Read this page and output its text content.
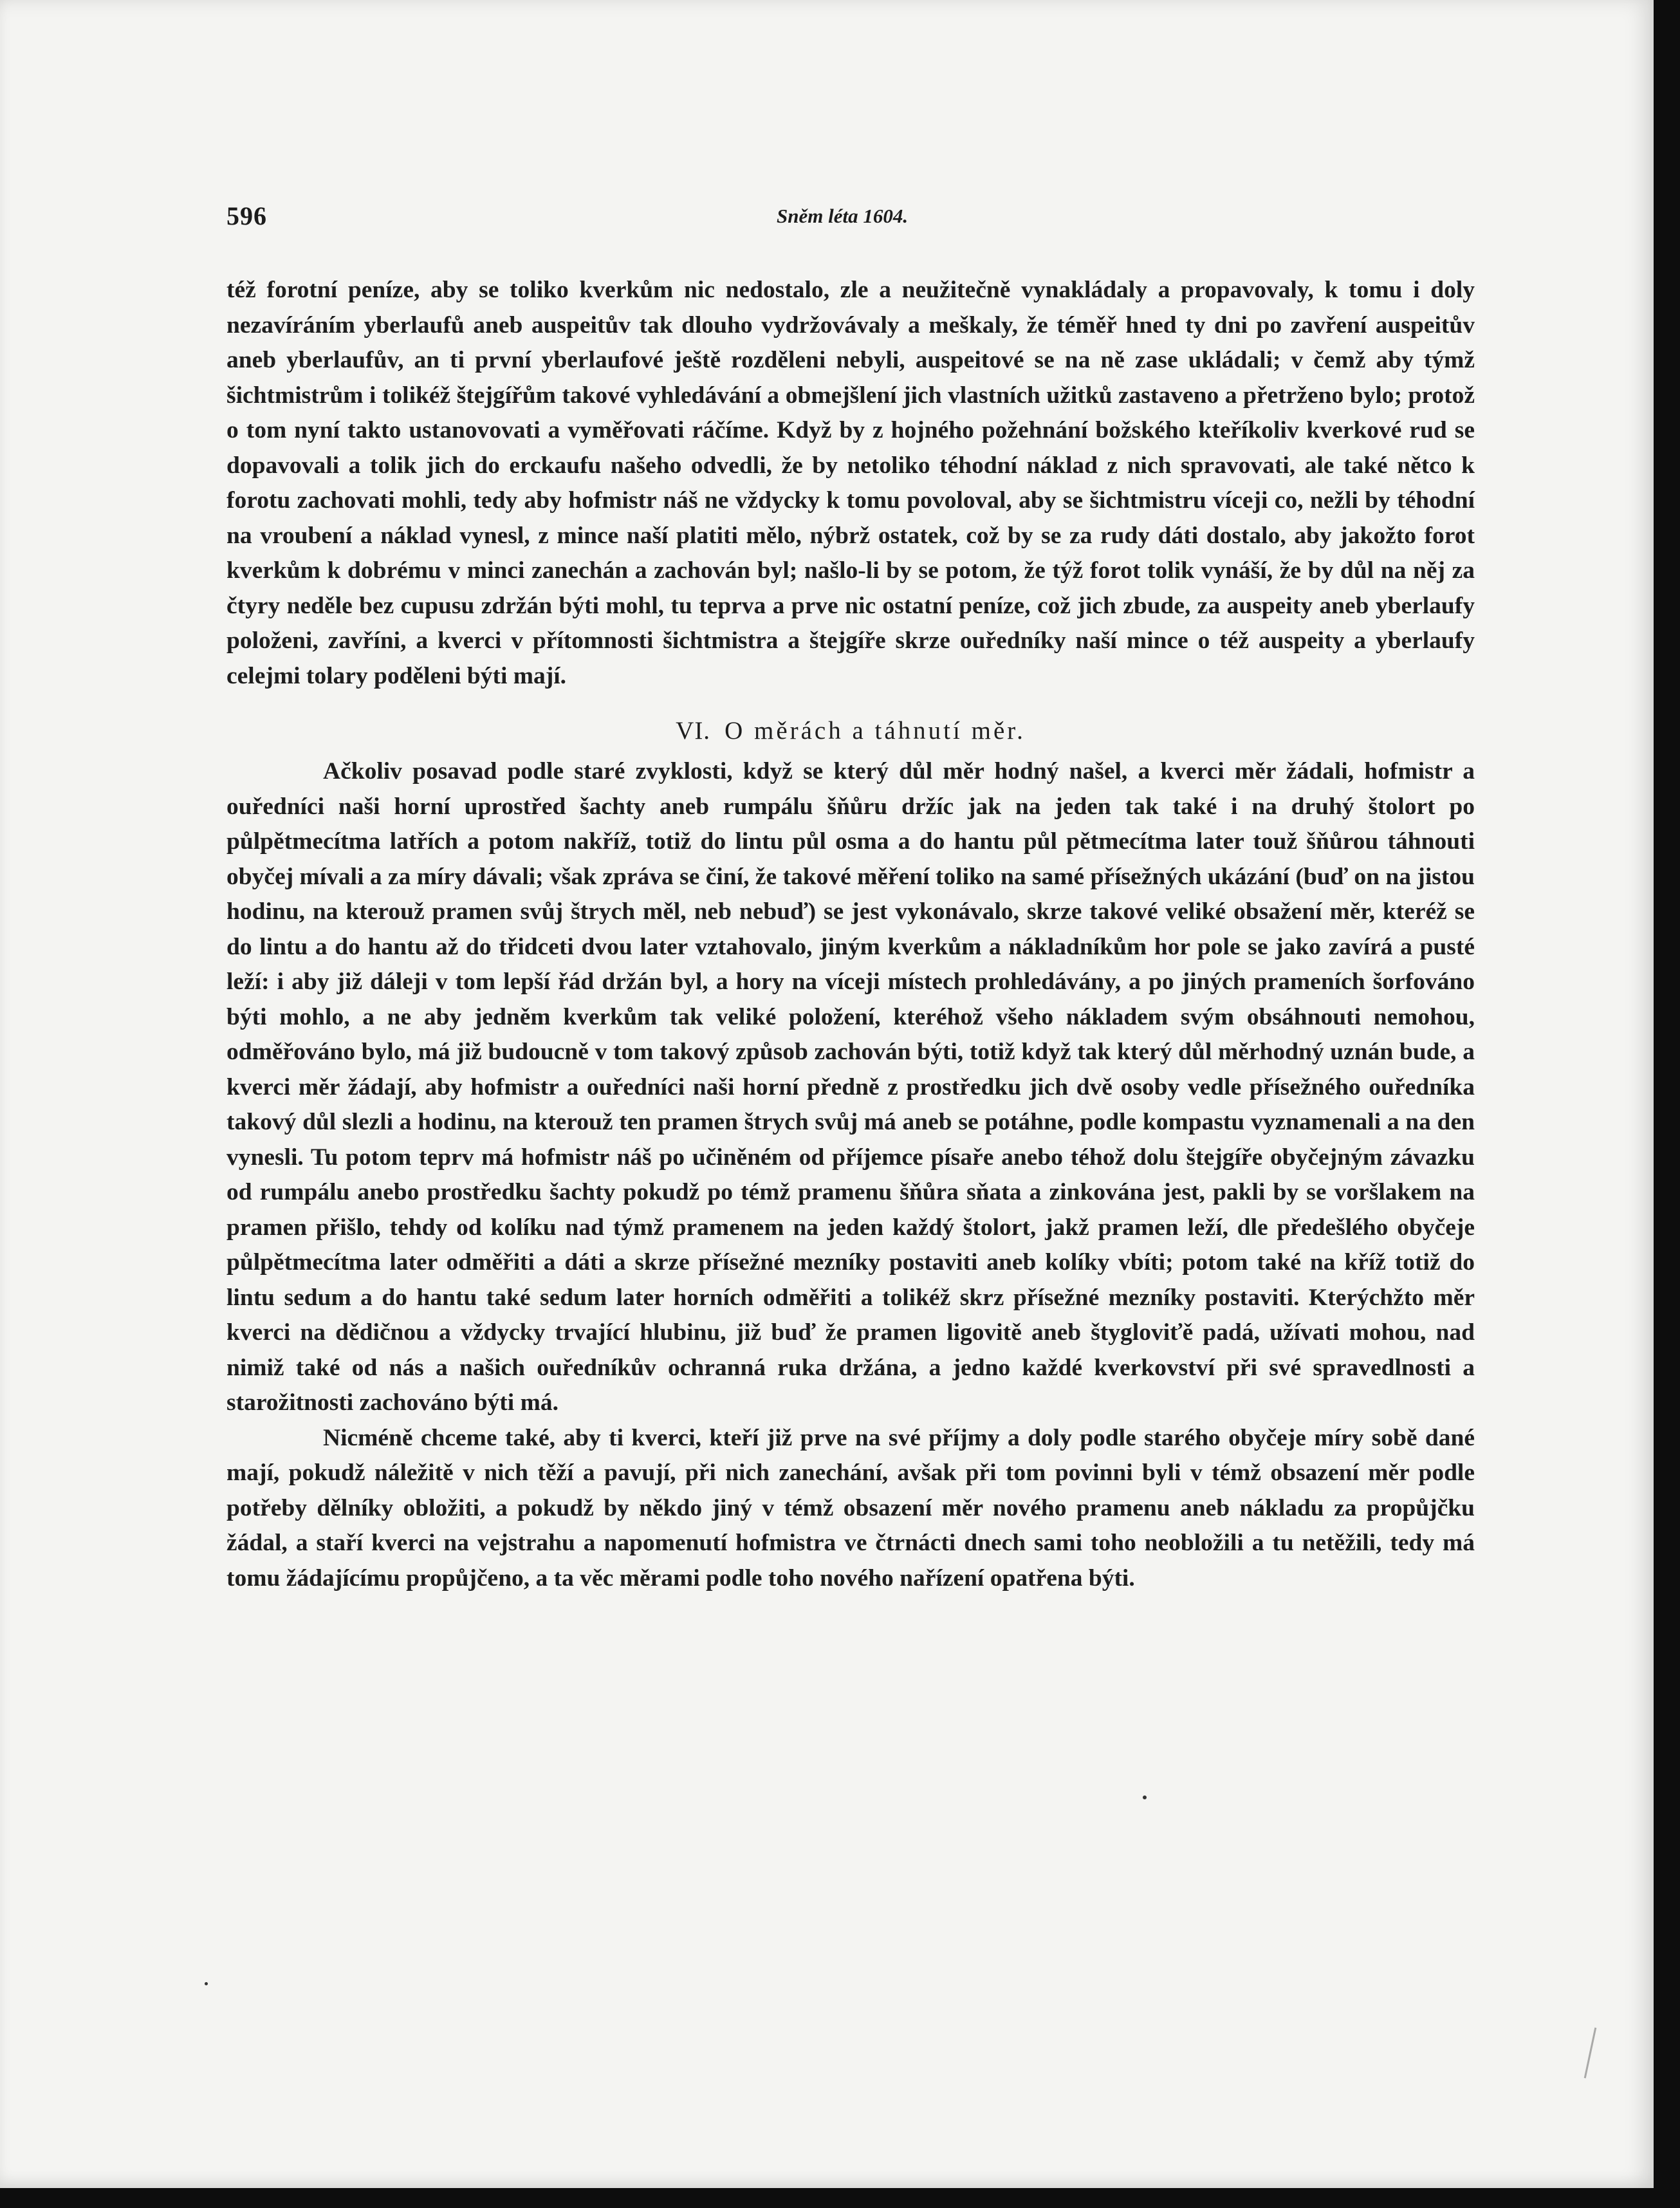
596	Sněm léta 1604.

též forotní peníze, aby se toliko kverkům nic nedostalo, zle a neužitečně vynakládaly a propavovaly, k tomu i doly nezavíráním yberlaufů aneb auspeitův tak dlouho vydržovávaly a meškaly, že téměř hned ty dni po zavření auspeitův aneb yberlaufův, an ti první yberlaufové ještě rozděleni nebyli, auspeitové se na ně zase ukládali; v čemž aby týmž šichtmistrům i tolikéž štejgířům takové vyhledávání a obmejšlení jich vlastních užitků zastaveno a přetrženo bylo; protož o tom nyní takto ustanovovati a vyměřovati ráčíme. Když by z hojného požehnání božského kteříkoliv kverkové rud se dopavovali a tolik jich do erckaufu našeho odvedli, že by netoliko téhodní náklad z nich spravovati, ale také nětco k forotu zachovati mohli, tedy aby hofmistr náš ne vždycky k tomu povoloval, aby se šichtmistru víceji co, nežli by téhodní na vroubení a náklad vynesl, z mince naší platiti mělo, nýbrž ostatek, což by se za rudy dáti dostalo, aby jakožto forot kverkům k dobrému v minci zanechán a zachován byl; našlo-li by se potom, že týž forot tolik vynáší, že by důl na něj za čtyry neděle bez cupusu zdržán býti mohl, tu teprva a prve nic ostatní peníze, což jich zbude, za auspeity aneb yberlaufy položeni, zavříni, a kverci v přítomnosti šichtmistra a štejgíře skrze ouředníky naší mince o též auspeity a yberlaufy celejmi tolary poděleni býti mají.

VI. O měrách a táhnutí měr.

Ačkoliv posavad podle staré zvyklosti, když se který důl měr hodný našel, a kverci měr žádali, hofmistr a ouředníci naši horní uprostřed šachty aneb rumpálu šňůru držíc jak na jeden tak také i na druhý štolort po půlpětmecítma latřích a potom nakříž, totiž do lintu půl osma a do hantu půl pětmecítma later touž šňůrou táhnouti obyčej mívali a za míry dávali; však zpráva se činí, že takové měření toliko na samé přísežných ukázání (buď on na jistou hodinu, na kterouž pramen svůj štrych měl, neb nebuď) se jest vykonávalo, skrze takové veliké obsažení měr, kteréž se do lintu a do hantu až do třidceti dvou later vztahovalo, jiným kverkům a nákladníkům hor pole se jako zavírá a pusté leží: i aby již dáleji v tom lepší řád držán byl, a hory na víceji místech prohledávány, a po jiných prameních šorfováno býti mohlo, a ne aby jedněm kverkům tak veliké položení, kteréhož všeho nákladem svým obsáhnouti nemohou, odměřováno bylo, má již budoucně v tom takový způsob zachován býti, totiž když tak který důl měrhodný uznán bude, a kverci měr žádají, aby hofmistr a ouředníci naši horní předně z prostředku jich dvě osoby vedle přísežného ouředníka takový důl slezli a hodinu, na kterouž ten pramen štrych svůj má aneb se potáhne, podle kompastu vyznamenali a na den vynesli. Tu potom teprv má hofmistr náš po učiněném od příjemce písaře anebo téhož dolu štejgíře obyčejným závazku od rumpálu anebo prostředku šachty pokudž po témž pramenu šňůra sňata a zinkována jest, pakli by se voršlakem na pramen přišlo, tehdy od kolíku nad týmž pramenem na jeden každý štolort, jakž pramen leží, dle předešlého obyčeje půlpětmecítma later odměřiti a dáti a skrze přísežné mezníky postaviti aneb kolíky vbíti; potom také na kříž totiž do lintu sedum a do hantu také sedum later horních odměřiti a tolikéž skrz přísežné mezníky postaviti. Kterýchžto měr kverci na dědičnou a vždycky trvající hlubinu, již buď že pramen ligovitě aneb štygloviťě padá, užívati mohou, nad nimiž také od nás a našich ouředníkův ochranná ruka držána, a jedno každé kverkovství při své spravedlnosti a starožitnosti zachováno býti má.

Nicméně chceme také, aby ti kverci, kteří již prve na své příjmy a doly podle starého obyčeje míry sobě dané mají, pokudž náležitě v nich těží a pavují, při nich zanechání, avšak při tom povinni byli v témž obsazení měr podle potřeby dělníky obložiti, a pokudž by někdo jiný v témž obsazení měr nového pramenu aneb nákladu za propůjčku žádal, a staří kverci na vejstrahu a napomenutí hofmistra ve čtrnácti dnech sami toho neobložili a tu netěžili, tedy má tomu žádajícímu propůjčeno, a ta věc měrami podle toho nového nařízení opatřena býti.
